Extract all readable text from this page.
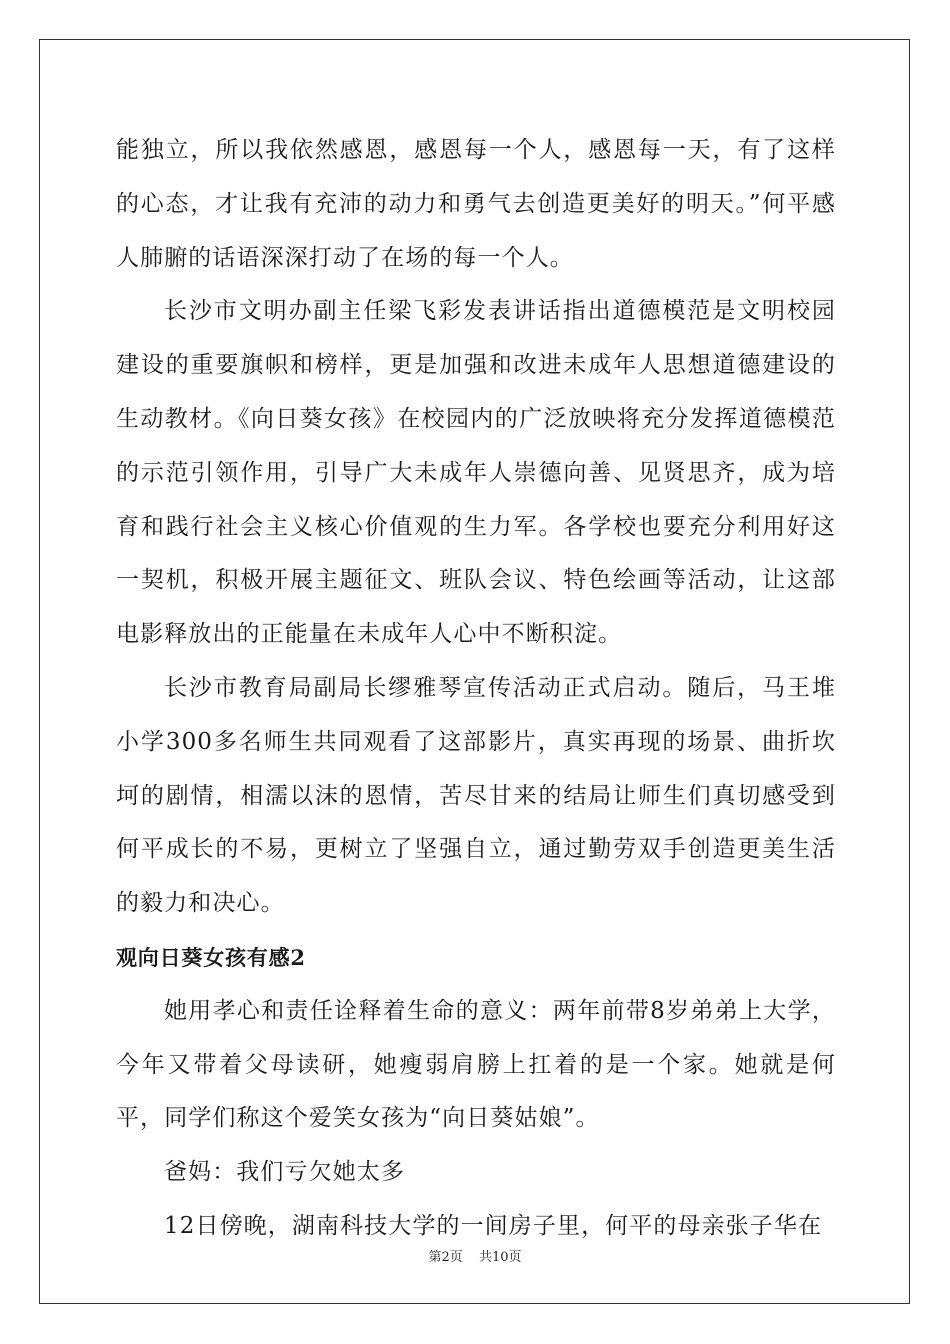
能独立，所以我依然感恩，感恩每一个人，感恩每一天，有了这样的心态，才让我有充沛的动力和勇气去创造更美好的明天。”何平感人肺腑的话语深深打动了在场的每一个人。

长沙市文明办副主任梁飞彩发表讲话指出道德模范是文明校园建设的重要旗帜和榜样，更是加强和改进未成年人思想道德建设的生动教材。《向日葵女孩》在校园内的广泛放映将充分发挥道德模范的示范引领作用，引导广大未成年人崇德向善、见贤思齐，成为培育和践行社会主义核心价值观的生力军。各学校也要充分利用好这一契机，积极开展主题征文、班队会议、特色绘画等活动，让这部电影释放出的正能量在未成年人心中不断积淀。

长沙市教育局副局长缪雅琴宣传活动正式启动。随后，马王堆小学300多名师生共同观看了这部影片，真实再现的场景、曲折坎坷的剧情，相濡以沫的恩情，苦尽甘来的结局让师生们真切感受到何平成长的不易，更树立了坚强自立，通过勤劳双手创造更美生活的毅力和决心。

观向日葵女孩有感2

她用孝心和责任诠释着生命的意义：两年前带8岁弟弟上大学，今年又带着父母读研，她瘦弱肩膀上扛着的是一个家。她就是何平，同学们称这个爱笑女孩为“向日葵姑娘”。

爸妈：我们亏欠她太多

12日傍晚，湖南科技大学的一间房子里，何平的母亲张子华在

第2页 共10页
